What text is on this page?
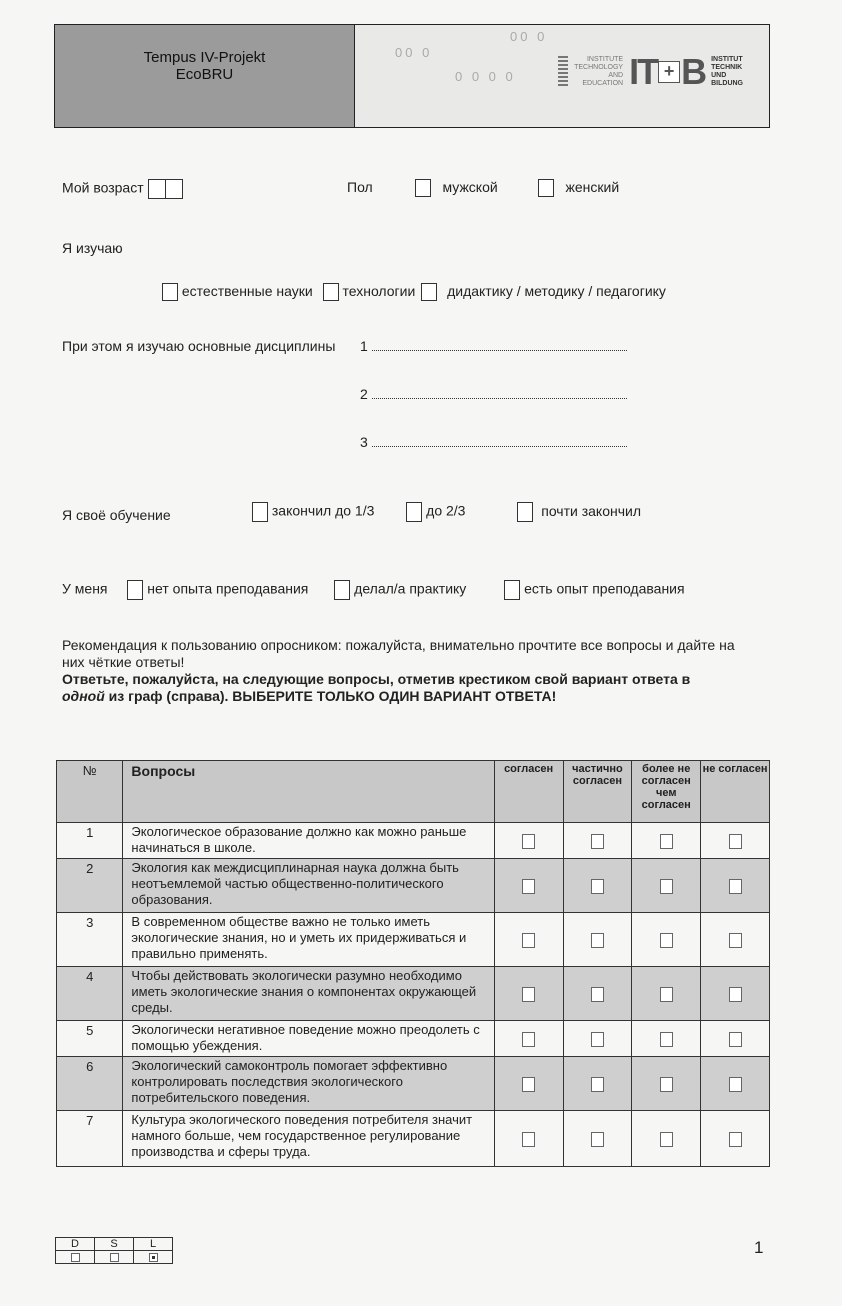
Tempus IV-Projekt
EcoBRU
00 0
0 0 0 0
00 0
INSTITUTE
TECHNOLOGY
AND
EDUCATION IT + B INSTITUT
TECHNIK
UND
BILDUNG
Мой возраст	Пол	мужской	женский
Я изучаю
естественные науки технологии дидактику / методику / педагогику
При этом я изучаю основные дисциплины 1
2
3
Я своё обучение	закончил до 1/3	до 2/3	почти закончил
У меня	нет опыта преподавания	делал/а практику	есть опыт преподавания
Рекомендация к пользованию опросником: пожалуйста, внимательно прочтите все вопросы и дайте на них чёткие ответы!
Ответьте, пожалуйста, на следующие вопросы, отметив крестиком свой вариант ответа в
одной из граф (справа). ВЫБЕРИТЕ ТОЛЬКО ОДИН ВАРИАНТ ОТВЕТА!
№	Вопросы	согласен	частично согласен	более не согласен чем согласен	не согласен
1	Экологическое образование должно как можно раньше начинаться в школе.				
2	Экология как междисциплинарная наука должна быть неотъемлемой частью общественно-политического образования.				
3	В современном обществе важно не только иметь экологические знания, но и уметь их придерживаться и правильно применять.				
4	Чтобы действовать экологически разумно необходимо иметь экологические знания о компонентах окружающей среды.				
5	Экологически негативное поведение можно преодолеть с помощью убеждения.				
6	Экологический самоконтроль помогает эффективно контролировать последствия экологического потребительского поведения.				
7	Культура экологического поведения потребителя значит намного больше, чем государственное регулирование производства и сферы труда.				
D	S	L
			1
